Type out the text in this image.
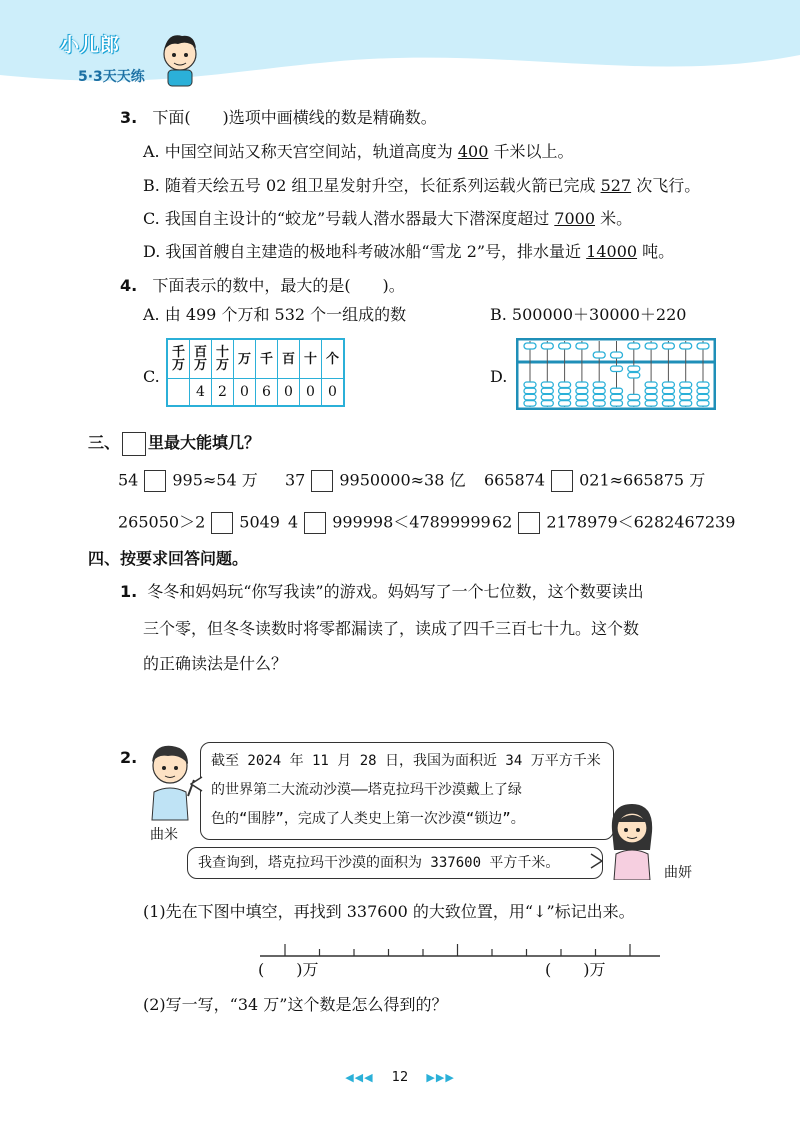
小儿郎
5·3天天练
3. 下面(　　)选项中画横线的数是精确数。
A. 中国空间站又称天宫空间站，轨道高度为 400 千米以上。
B. 随着天绘五号 02 组卫星发射升空，长征系列运载火箭已完成 527 次飞行。
C. 我国自主设计的“蛟龙”号载人潜水器最大下潜深度超过 7000 米。
D. 我国首艘自主建造的极地科考破冰船“雪龙 2”号，排水量近 14000 吨。
4. 下面表示的数中，最大的是(　　)。
A. 由 499 个万和 532 个一组成的数	B. 500000＋30000＋220
C.
千万	百万	十万	万	千	百	十	个
	4	2	0	6	0	0	0
D.
三、 里最大能填几？
54 995≈54 万 37 9950000≈38 亿 665874 021≈665875 万
265050＞2 5049 4 999998＜47899999 62 2178979＜6282467239
四、按要求回答问题。
1. 冬冬和妈妈玩“你写我读”的游戏。妈妈写了一个七位数，这个数要读出
三个零，但冬冬读数时将零都漏读了，读成了四千三百七十九。这个数
的正确读法是什么？
2.
曲米
截至 2024 年 11 月 28 日，我国为面积近 34 万平方千米
的世界第二大流动沙漠——塔克拉玛干沙漠戴上了绿
色的“围脖”，完成了人类史上第一次沙漠“锁边”。
我查询到，塔克拉玛干沙漠的面积为 337600 平方千米。
曲妍
(1)先在下图中填空，再找到 337600 的大致位置，用“↓”标记出来。
(　　)万	(　　)万
(2)写一写，“34 万”这个数是怎么得到的？
◀◀◀ 12 ▶▶▶
